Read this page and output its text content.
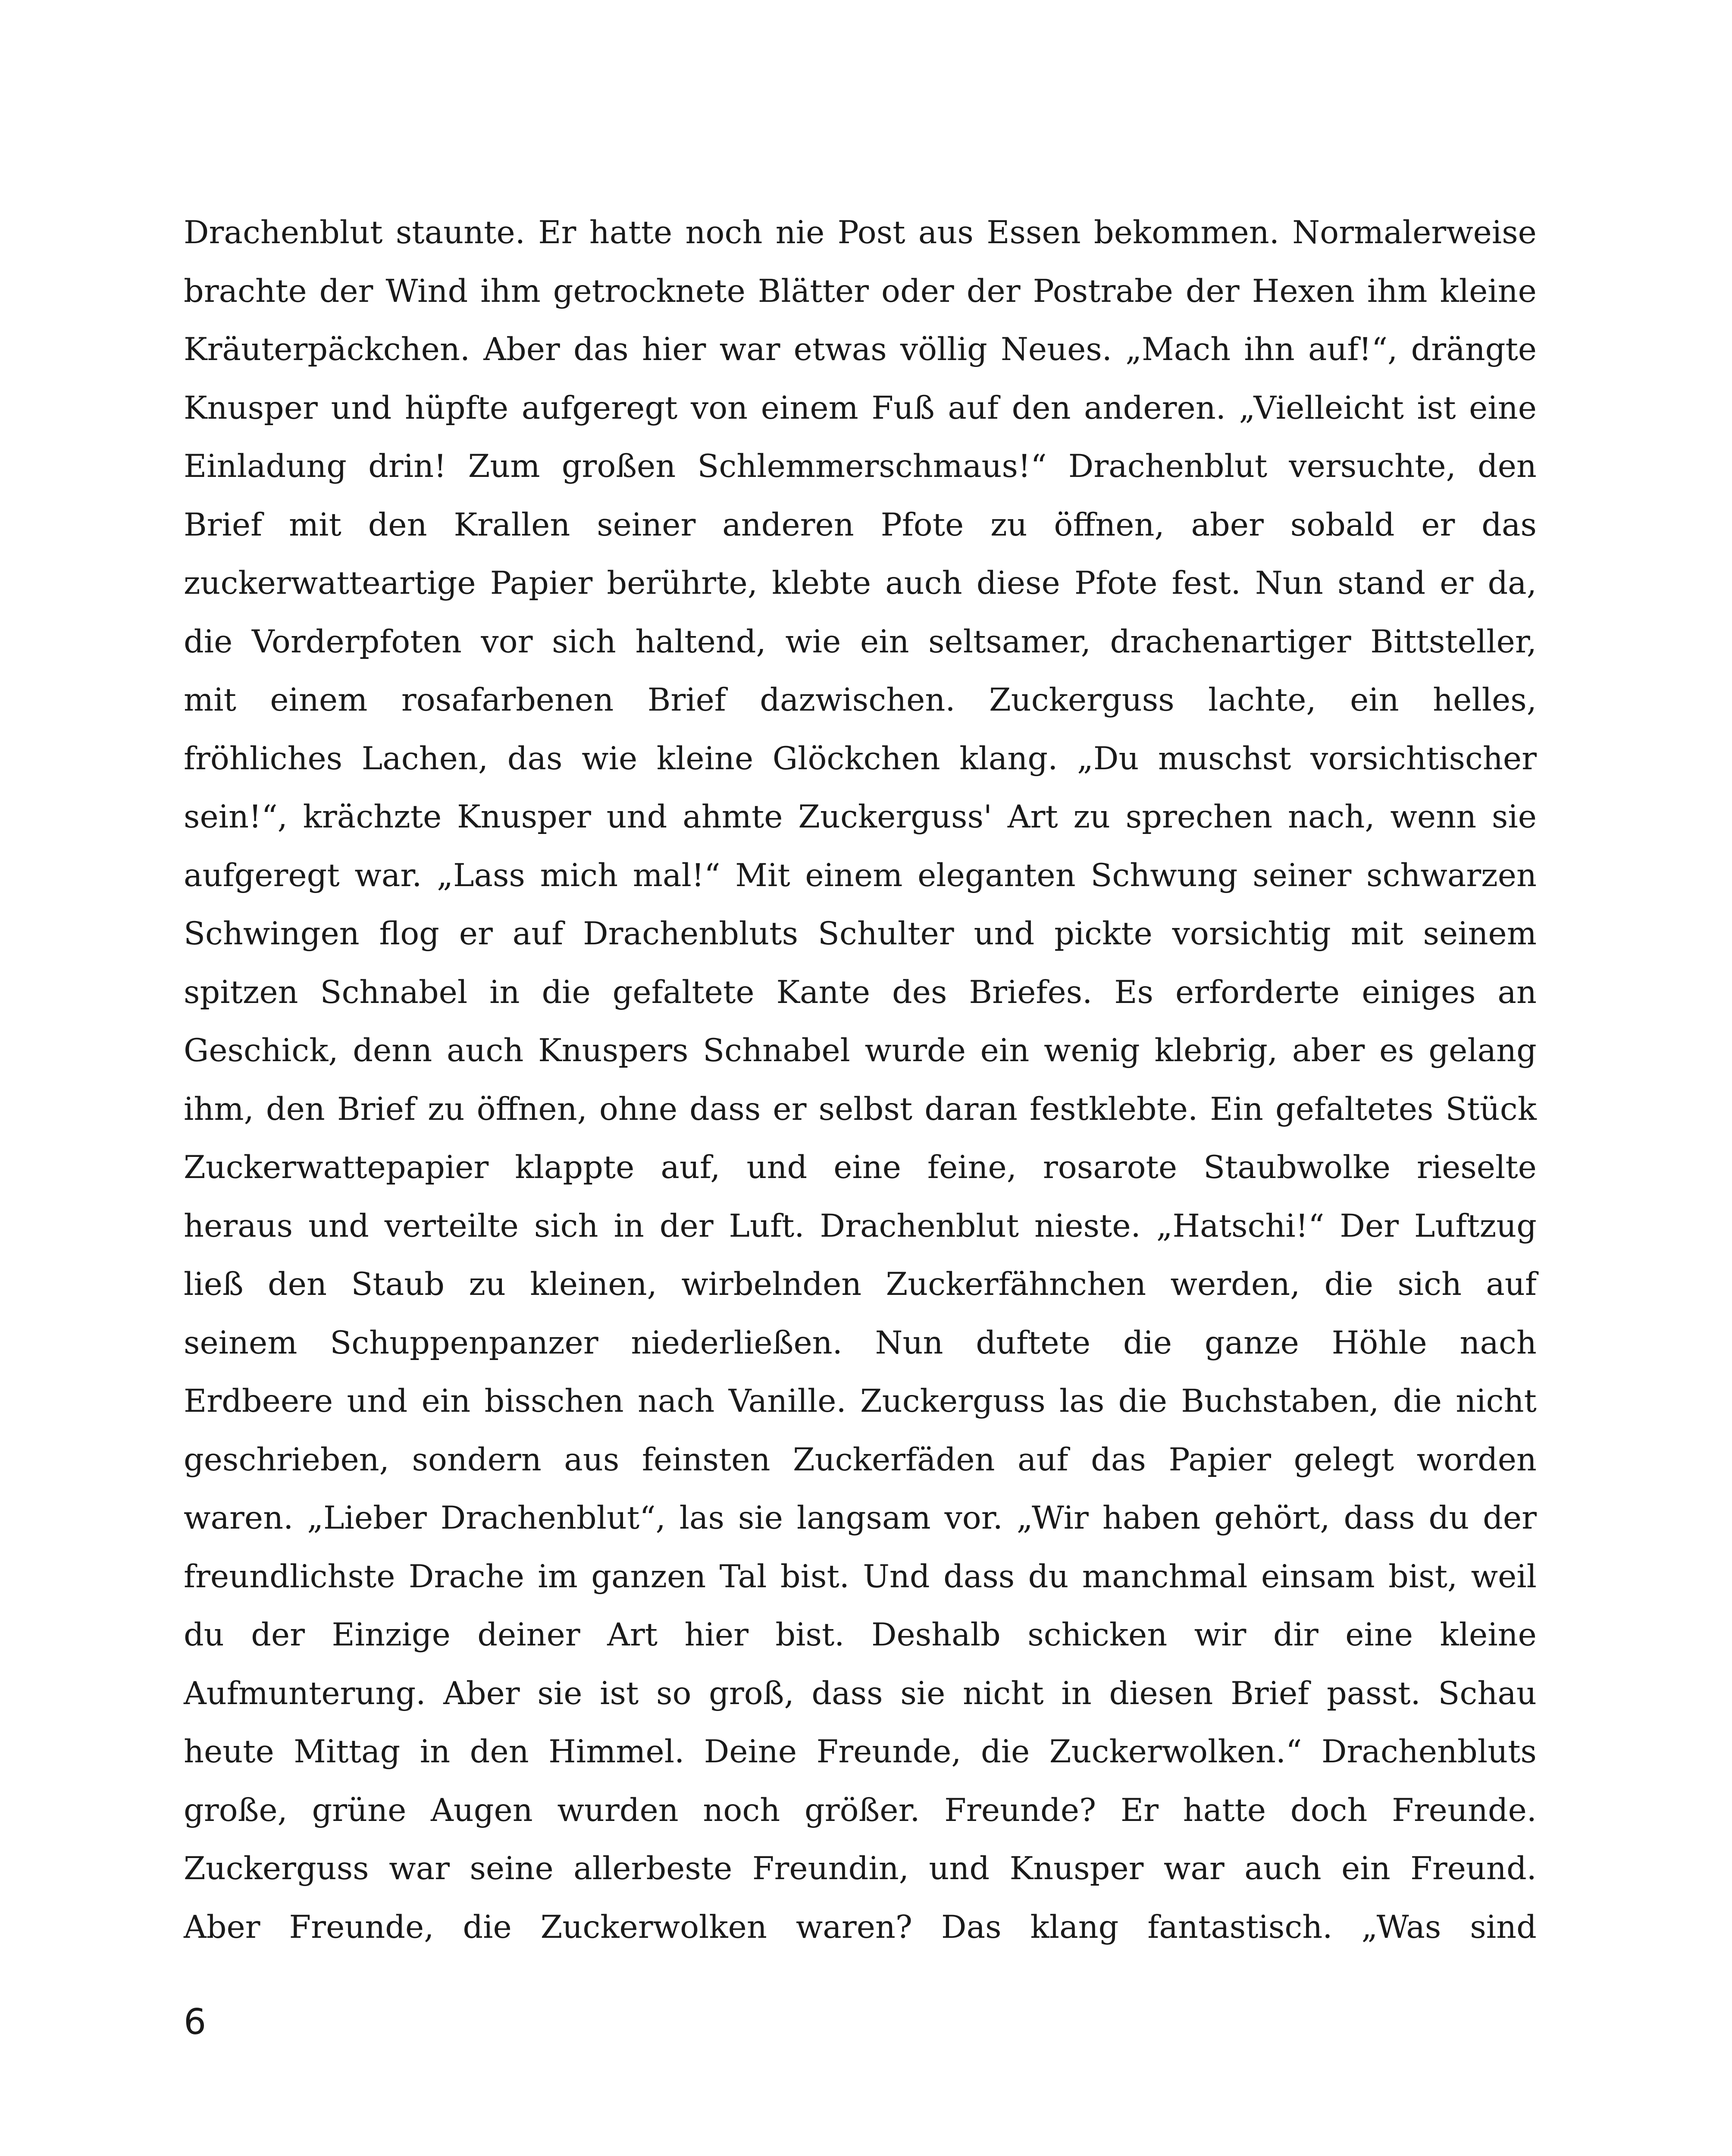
Drachenblut staunte. Er hatte noch nie Post aus Essen bekommen. Normalerweise
brachte der Wind ihm getrocknete Blätter oder der Postrabe der Hexen ihm kleine
Kräuterpäckchen. Aber das hier war etwas völlig Neues. „Mach ihn auf!“, drängte
Knusper und hüpfte aufgeregt von einem Fuß auf den anderen. „Vielleicht ist eine
Einladung drin! Zum großen Schlemmerschmaus!“ Drachenblut versuchte, den
Brief mit den Krallen seiner anderen Pfote zu öffnen, aber sobald er das
zuckerwatteartige Papier berührte, klebte auch diese Pfote fest. Nun stand er da,
die Vorderpfoten vor sich haltend, wie ein seltsamer, drachenartiger Bittsteller,
mit einem rosafarbenen Brief dazwischen. Zuckerguss lachte, ein helles,
fröhliches Lachen, das wie kleine Glöckchen klang. „Du muschst vorsichtischer
sein!“, krächzte Knusper und ahmte Zuckerguss' Art zu sprechen nach, wenn sie
aufgeregt war. „Lass mich mal!“ Mit einem eleganten Schwung seiner schwarzen
Schwingen flog er auf Drachenbluts Schulter und pickte vorsichtig mit seinem
spitzen Schnabel in die gefaltete Kante des Briefes. Es erforderte einiges an
Geschick, denn auch Knuspers Schnabel wurde ein wenig klebrig, aber es gelang
ihm, den Brief zu öffnen, ohne dass er selbst daran festklebte. Ein gefaltetes Stück
Zuckerwattepapier klappte auf, und eine feine, rosarote Staubwolke rieselte
heraus und verteilte sich in der Luft. Drachenblut nieste. „Hatschi!“ Der Luftzug
ließ den Staub zu kleinen, wirbelnden Zuckerfähnchen werden, die sich auf
seinem Schuppenpanzer niederließen. Nun duftete die ganze Höhle nach
Erdbeere und ein bisschen nach Vanille. Zuckerguss las die Buchstaben, die nicht
geschrieben, sondern aus feinsten Zuckerfäden auf das Papier gelegt worden
waren. „Lieber Drachenblut“, las sie langsam vor. „Wir haben gehört, dass du der
freundlichste Drache im ganzen Tal bist. Und dass du manchmal einsam bist, weil
du der Einzige deiner Art hier bist. Deshalb schicken wir dir eine kleine
Aufmunterung. Aber sie ist so groß, dass sie nicht in diesen Brief passt. Schau
heute Mittag in den Himmel. Deine Freunde, die Zuckerwolken.“ Drachenbluts
große, grüne Augen wurden noch größer. Freunde? Er hatte doch Freunde.
Zuckerguss war seine allerbeste Freundin, und Knusper war auch ein Freund.
Aber Freunde, die Zuckerwolken waren? Das klang fantastisch. „Was sind
6
